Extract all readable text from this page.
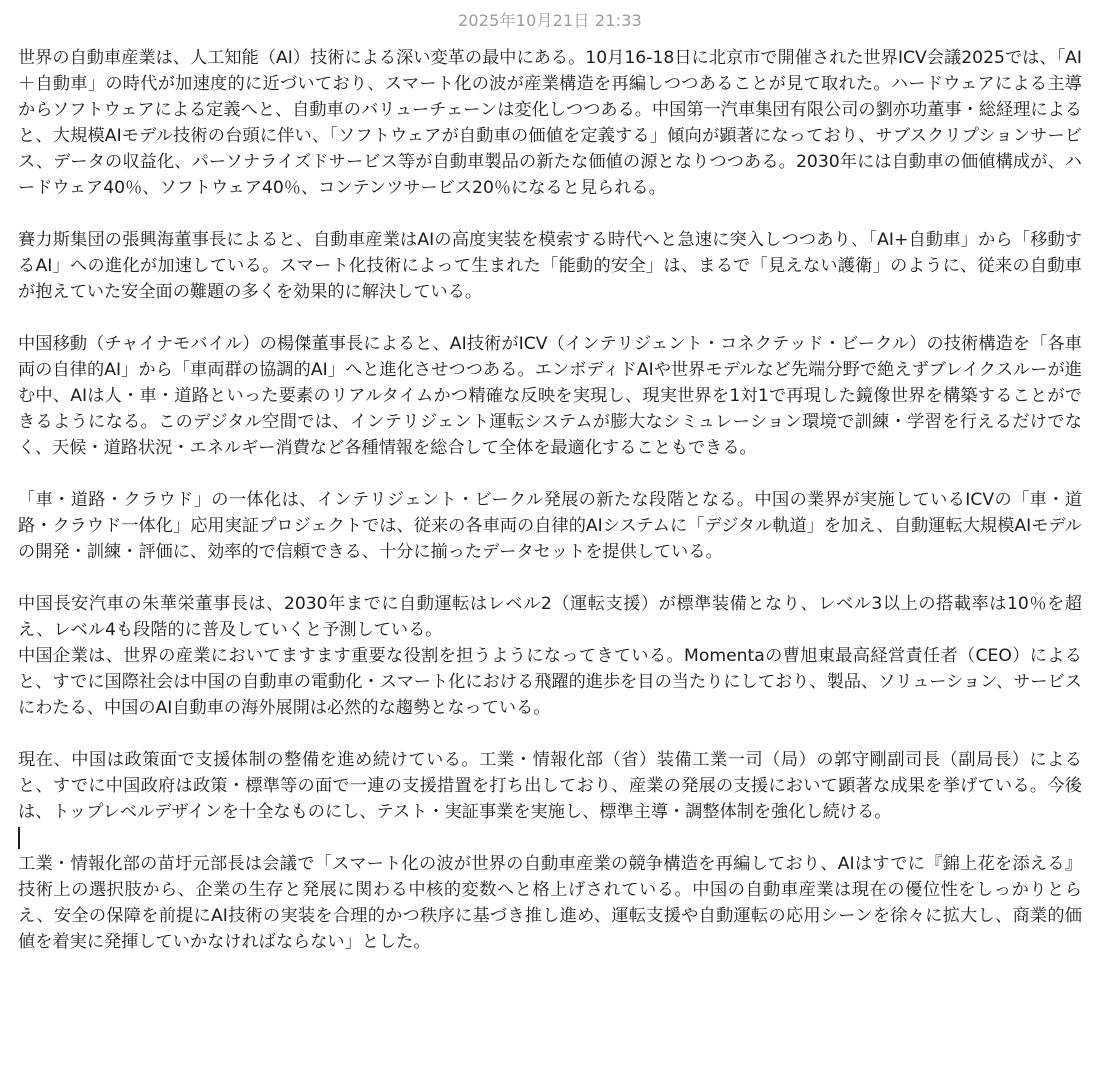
2025年10月21日 21:33

世界の自動車産業は、人工知能（AI）技術による深い変革の最中にある。10月16-18日に北京市で開催された世界ICV会議2025では、「AI＋自動車」の時代が加速度的に近づいており、スマート化の波が産業構造を再編しつつあることが見て取れた。ハードウェアによる主導からソフトウェアによる定義へと、自動車のバリューチェーンは変化しつつある。中国第一汽車集団有限公司の劉亦功董事・総経理によると、大規模AIモデル技術の台頭に伴い、「ソフトウェアが自動車の価値を定義する」傾向が顕著になっており、サブスクリプションサービス、データの収益化、パーソナライズドサービス等が自動車製品の新たな価値の源となりつつある。2030年には自動車の価値構成が、ハードウェア40％、ソフトウェア40％、コンテンツサービス20％になると見られる。

賽力斯集団の張興海董事長によると、自動車産業はAIの高度実装を模索する時代へと急速に突入しつつあり、「AI+自動車」から「移動するAI」への進化が加速している。スマート化技術によって生まれた「能動的安全」は、まるで「見えない護衛」のように、従来の自動車が抱えていた安全面の難題の多くを効果的に解決している。

中国移動（チャイナモバイル）の楊傑董事長によると、AI技術がICV（インテリジェント・コネクテッド・ビークル）の技術構造を「各車両の自律的AI」から「車両群の協調的AI」へと進化させつつある。エンボディドAIや世界モデルなど先端分野で絶えずブレイクスルーが進む中、AIは人・車・道路といった要素のリアルタイムかつ精確な反映を実現し、現実世界を1対1で再現した鏡像世界を構築することができるようになる。このデジタル空間では、インテリジェント運転システムが膨大なシミュレーション環境で訓練・学習を行えるだけでなく、天候・道路状況・エネルギー消費など各種情報を総合して全体を最適化することもできる。

「車・道路・クラウド」の一体化は、インテリジェント・ビークル発展の新たな段階となる。中国の業界が実施しているICVの「車・道路・クラウド一体化」応用実証プロジェクトでは、従来の各車両の自律的AIシステムに「デジタル軌道」を加え、自動運転大規模AIモデルの開発・訓練・評価に、効率的で信頼できる、十分に揃ったデータセットを提供している。

中国長安汽車の朱華栄董事長は、2030年までに自動運転はレベル2（運転支援）が標準装備となり、レベル3以上の搭載率は10％を超え、レベル4も段階的に普及していくと予測している。

中国企業は、世界の産業においてますます重要な役割を担うようになってきている。Momentaの曹旭東最高経営責任者（CEO）によると、すでに国際社会は中国の自動車の電動化・スマート化における飛躍的進歩を目の当たりにしており、製品、ソリューション、サービスにわたる、中国のAI自動車の海外展開は必然的な趨勢となっている。

現在、中国は政策面で支援体制の整備を進め続けている。工業・情報化部（省）装備工業一司（局）の郭守剛副司長（副局長）によると、すでに中国政府は政策・標準等の面で一連の支援措置を打ち出しており、産業の発展の支援において顕著な成果を挙げている。今後は、トップレベルデザインを十全なものにし、テスト・実証事業を実施し、標準主導・調整体制を強化し続ける。

工業・情報化部の苗圩元部長は会議で「スマート化の波が世界の自動車産業の競争構造を再編しており、AIはすでに『錦上花を添える』技術上の選択肢から、企業の生存と発展に関わる中核的変数へと格上げされている。中国の自動車産業は現在の優位性をしっかりとらえ、安全の保障を前提にAI技術の実装を合理的かつ秩序に基づき推し進め、運転支援や自動運転の応用シーンを徐々に拡大し、商業的価値を着実に発揮していかなければならない」とした。
